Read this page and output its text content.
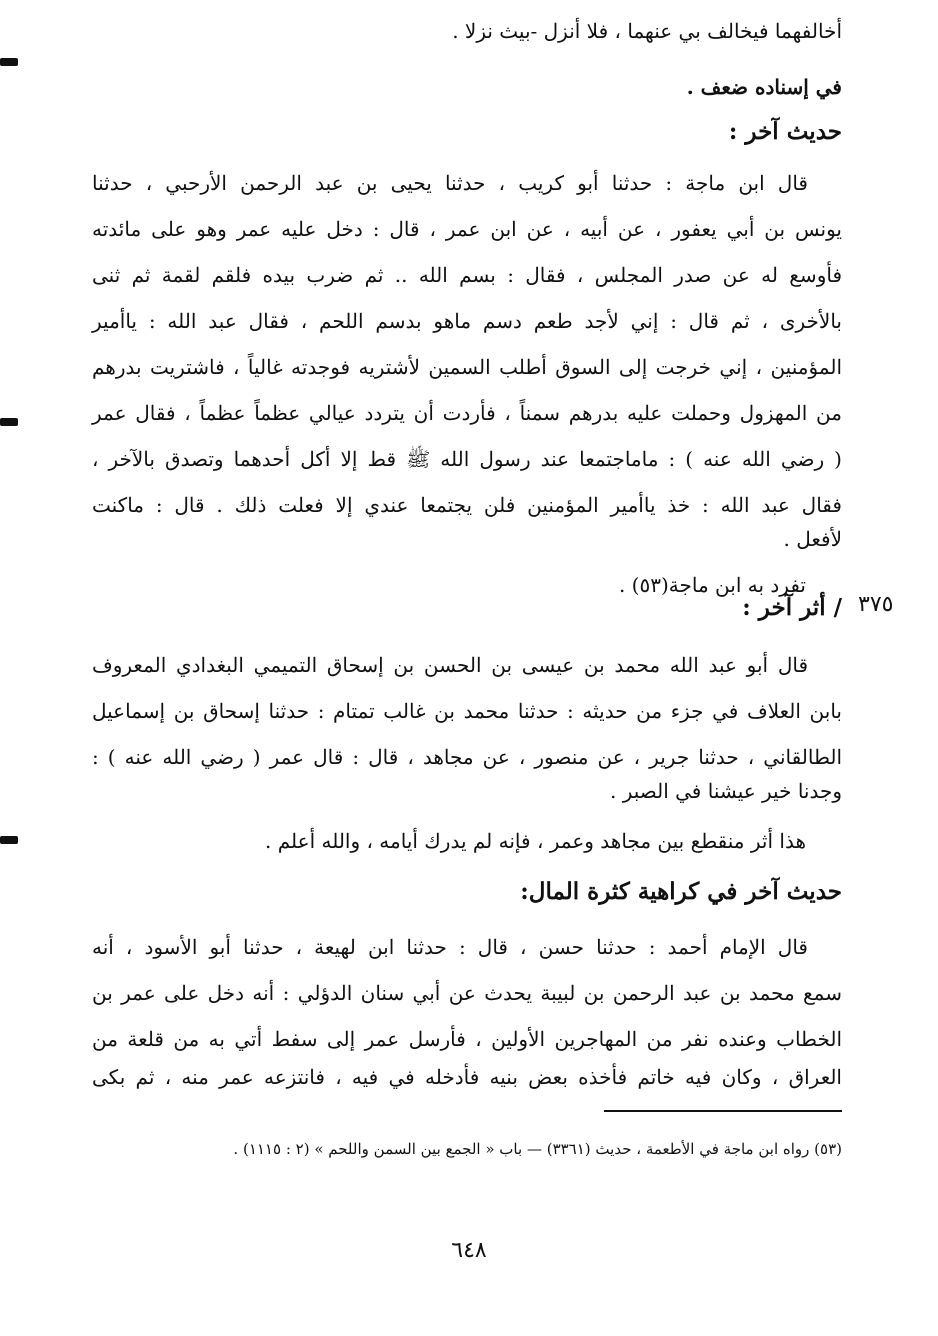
أخالفهما فيخالف بي عنهما ، فلا أنزل -بيث نزلا .
في إسناده ضعف .
حديث آخر :
قال ابن ماجة : حدثنا أبو كريب ، حدثنا يحيى بن عبد الرحمن الأرحبي ، حدثنا
يونس بن أبي يعفور ، عن أبيه ، عن ابن عمر ، قال : دخل عليه عمر وهو على مائدته
فأوسع له عن صدر المجلس ، فقال : بسم الله .. ثم ضرب بيده فلقم لقمة ثم ثنى
بالأخرى ، ثم قال : إني لأجد طعم دسم ماهو بدسم اللحم ، فقال عبد الله : ياأمير
المؤمنين ، إني خرجت إلى السوق أطلب السمين لأشتريه فوجدته غالياً ، فاشتريت بدرهم
من المهزول وحملت عليه بدرهم سمناً ، فأردت أن يتردد عيالي عظماً عظماً ، فقال عمر
( رضي الله عنه ) : ماماجتمعا عند رسول الله ﷺ قط إلا أكل أحدهما وتصدق بالآخر ،
فقال عبد الله : خذ ياأمير المؤمنين فلن يجتمعا عندي إلا فعلت ذلك . قال : ماكنت
لأفعل .
تفرد به ابن ماجة(٥٣) .
٣٧٥
/ أثر آخر :
قال أبو عبد الله محمد بن عيسى بن الحسن بن إسحاق التميمي البغدادي المعروف
بابن العلاف في جزء من حديثه : حدثنا محمد بن غالب تمتام : حدثنا إسحاق بن إسماعيل
الطالقاني ، حدثنا جرير ، عن منصور ، عن مجاهد ، قال : قال عمر ( رضي الله عنه ) :
وجدنا خير عيشنا في الصبر .
هذا أثر منقطع بين مجاهد وعمر ، فإنه لم يدرك أيامه ، والله أعلم .
حديث آخر في كراهية كثرة المال:
قال الإمام أحمد : حدثنا حسن ، قال : حدثنا ابن لهيعة ، حدثنا أبو الأسود ، أنه
سمع محمد بن عبد الرحمن بن لبيبة يحدث عن أبي سنان الدؤلي : أنه دخل على عمر بن
الخطاب وعنده نفر من المهاجرين الأولين ، فأرسل عمر إلى سفط أتي به من قلعة من
العراق ، وكان فيه خاتم فأخذه بعض بنيه فأدخله في فيه ، فانتزعه عمر منه ، ثم بكى
(٥٣) رواه ابن ماجة في الأطعمة ، حديث (٣٣٦١) — باب « الجمع بين السمن واللحم » (٢ : ١١١٥) .
٦٤٨
